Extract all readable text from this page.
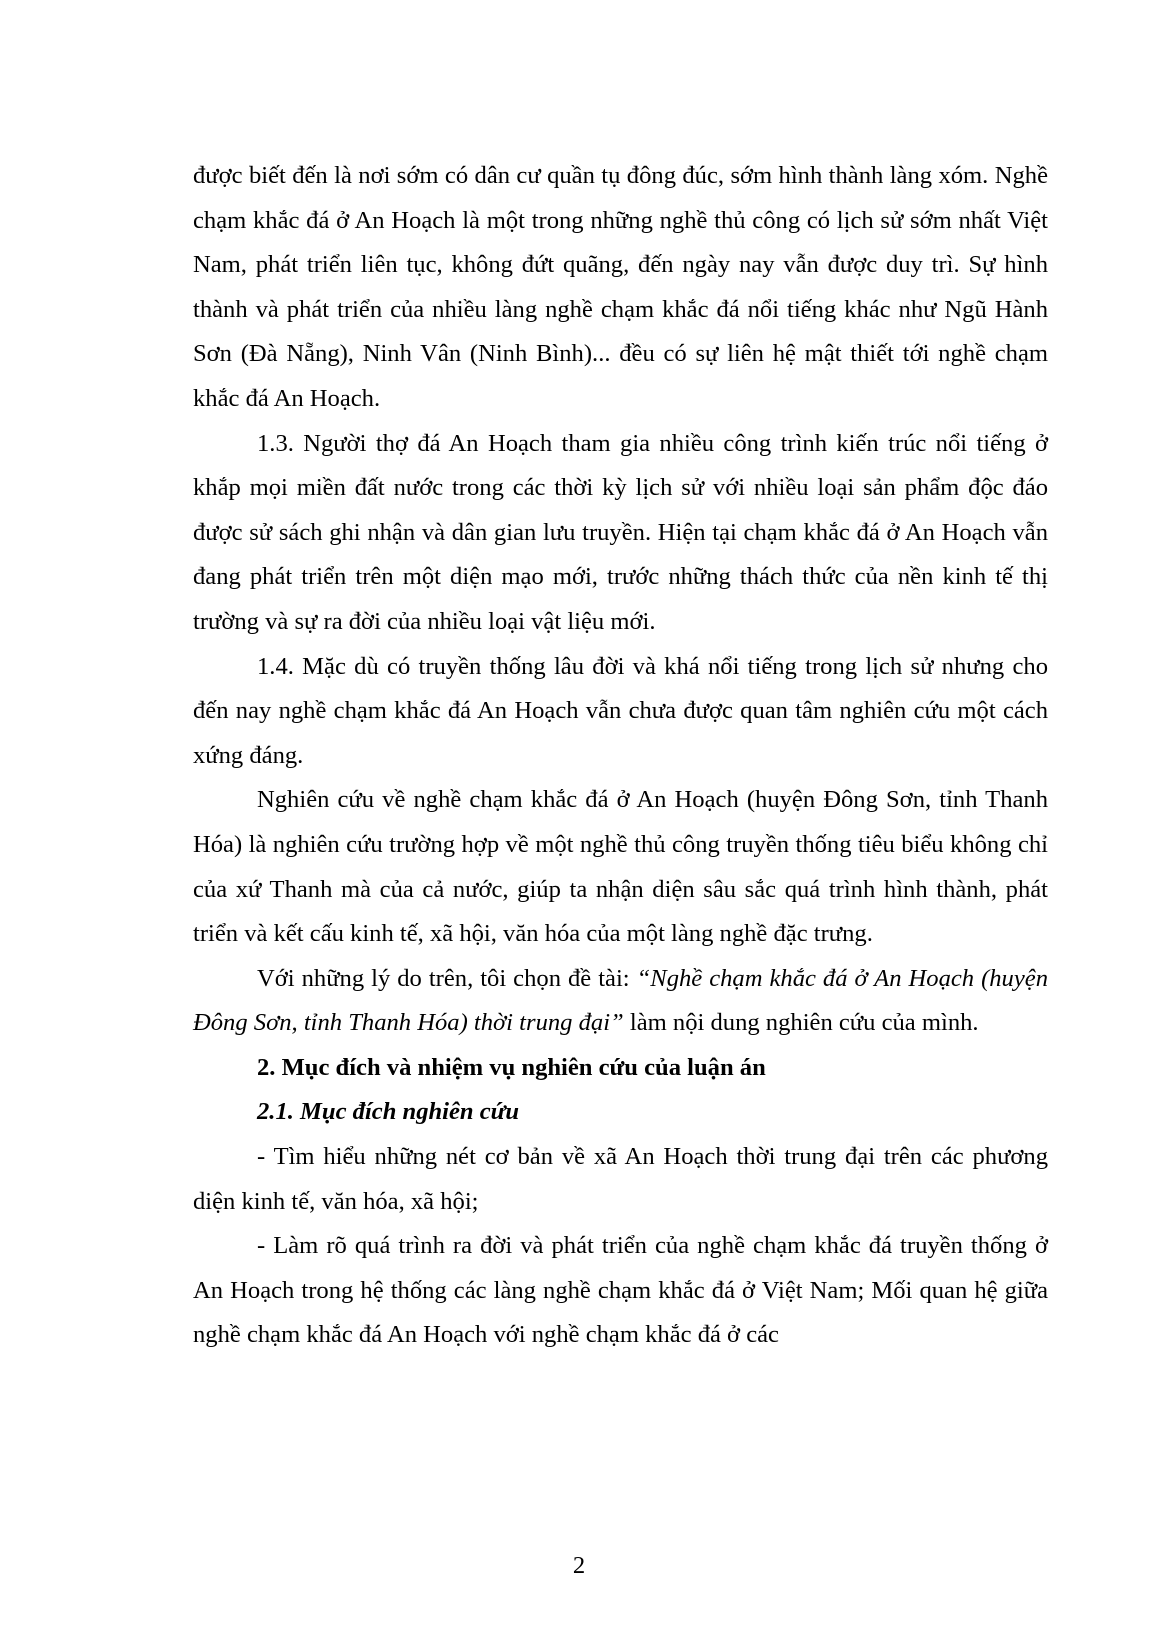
được biết đến là nơi sớm có dân cư quần tụ đông đúc, sớm hình thành làng xóm. Nghề chạm khắc đá ở An Hoạch là một trong những nghề thủ công có lịch sử sớm nhất Việt Nam, phát triển liên tục, không đứt quãng, đến ngày nay vẫn được duy trì. Sự hình thành và phát triển của nhiều làng nghề chạm khắc đá nổi tiếng khác như Ngũ Hành Sơn (Đà Nẵng), Ninh Vân (Ninh Bình)... đều có sự liên hệ mật thiết tới nghề chạm khắc đá An Hoạch.

1.3. Người thợ đá An Hoạch tham gia nhiều công trình kiến trúc nổi tiếng ở khắp mọi miền đất nước trong các thời kỳ lịch sử với nhiều loại sản phẩm độc đáo được sử sách ghi nhận và dân gian lưu truyền. Hiện tại chạm khắc đá ở An Hoạch vẫn đang phát triển trên một diện mạo mới, trước những thách thức của nền kinh tế thị trường và sự ra đời của nhiều loại vật liệu mới.

1.4. Mặc dù có truyền thống lâu đời và khá nổi tiếng trong lịch sử nhưng cho đến nay nghề chạm khắc đá An Hoạch vẫn chưa được quan tâm nghiên cứu một cách xứng đáng.

Nghiên cứu về nghề chạm khắc đá ở An Hoạch (huyện Đông Sơn, tỉnh Thanh Hóa) là nghiên cứu trường hợp về một nghề thủ công truyền thống tiêu biểu không chỉ của xứ Thanh mà của cả nước, giúp ta nhận diện sâu sắc quá trình hình thành, phát triển và kết cấu kinh tế, xã hội, văn hóa của một làng nghề đặc trưng.

Với những lý do trên, tôi chọn đề tài: “Nghề chạm khắc đá ở An Hoạch (huyện Đông Sơn, tỉnh Thanh Hóa) thời trung đại” làm nội dung nghiên cứu của mình.

2. Mục đích và nhiệm vụ nghiên cứu của luận án

2.1. Mục đích nghiên cứu

- Tìm hiểu những nét cơ bản về xã An Hoạch thời trung đại trên các phương diện kinh tế, văn hóa, xã hội;

- Làm rõ quá trình ra đời và phát triển của nghề chạm khắc đá truyền thống ở An Hoạch trong hệ thống các làng nghề chạm khắc đá ở Việt Nam; Mối quan hệ giữa nghề chạm khắc đá An Hoạch với nghề chạm khắc đá ở các

2
